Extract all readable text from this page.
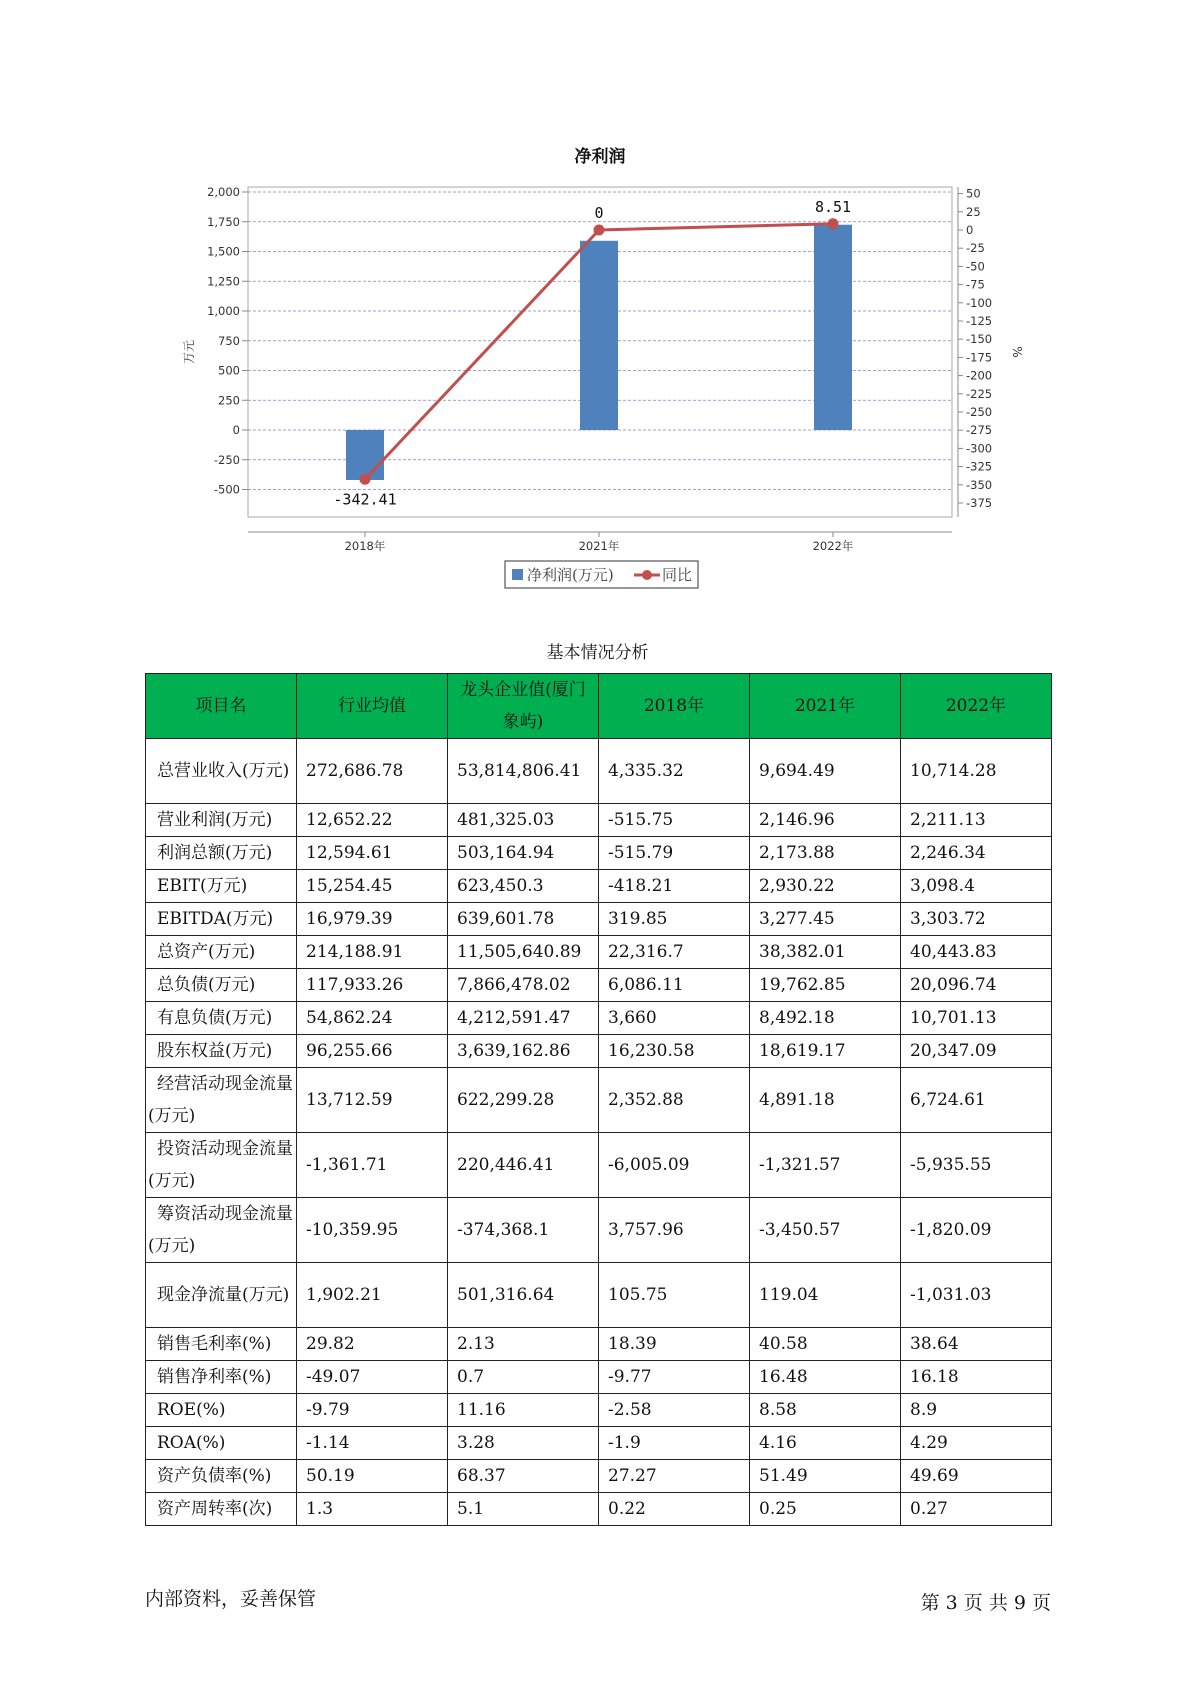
净利润
-500
-250
0
250
500
750
1,000
1,250
1,500
1,750
2,000	50
25
0
-25
-50
-75
-100
-125
-150
-175
-200
-225
-250
-275
-300
-325
-350
-375
万元	%
2018年	2021年	2022年
-342.41
0	8.51
净利润(万元)	同比
基本情况分析
项目名	行业均值	龙头企业值(厦门象屿)	2018年	2021年	2022年
总营业收入(万元)	272,686.78	53,814,806.41	4,335.32	9,694.49	10,714.28
营业利润(万元)	12,652.22	481,325.03	-515.75	2,146.96	2,211.13
利润总额(万元)	12,594.61	503,164.94	-515.79	2,173.88	2,246.34
EBIT(万元)	15,254.45	623,450.3	-418.21	2,930.22	3,098.4
EBITDA(万元)	16,979.39	639,601.78	319.85	3,277.45	3,303.72
总资产(万元)	214,188.91	11,505,640.89	22,316.7	38,382.01	40,443.83
总负债(万元)	117,933.26	7,866,478.02	6,086.11	19,762.85	20,096.74
有息负债(万元)	54,862.24	4,212,591.47	3,660	8,492.18	10,701.13
股东权益(万元)	96,255.66	3,639,162.86	16,230.58	18,619.17	20,347.09
经营活动现金流量(万元)	13,712.59	622,299.28	2,352.88	4,891.18	6,724.61
投资活动现金流量(万元)	-1,361.71	220,446.41	-6,005.09	-1,321.57	-5,935.55
筹资活动现金流量(万元)	-10,359.95	-374,368.1	3,757.96	-3,450.57	-1,820.09
现金净流量(万元)	1,902.21	501,316.64	105.75	119.04	-1,031.03
销售毛利率(%)	29.82	2.13	18.39	40.58	38.64
销售净利率(%)	-49.07	0.7	-9.77	16.48	16.18
ROE(%)	-9.79	11.16	-2.58	8.58	8.9
ROA(%)	-1.14	3.28	-1.9	4.16	4.29
资产负债率(%)	50.19	68.37	27.27	51.49	49.69
资产周转率(次)	1.3	5.1	0.22	0.25	0.27
内部资料，妥善保管	第 3 页 共 9 页
